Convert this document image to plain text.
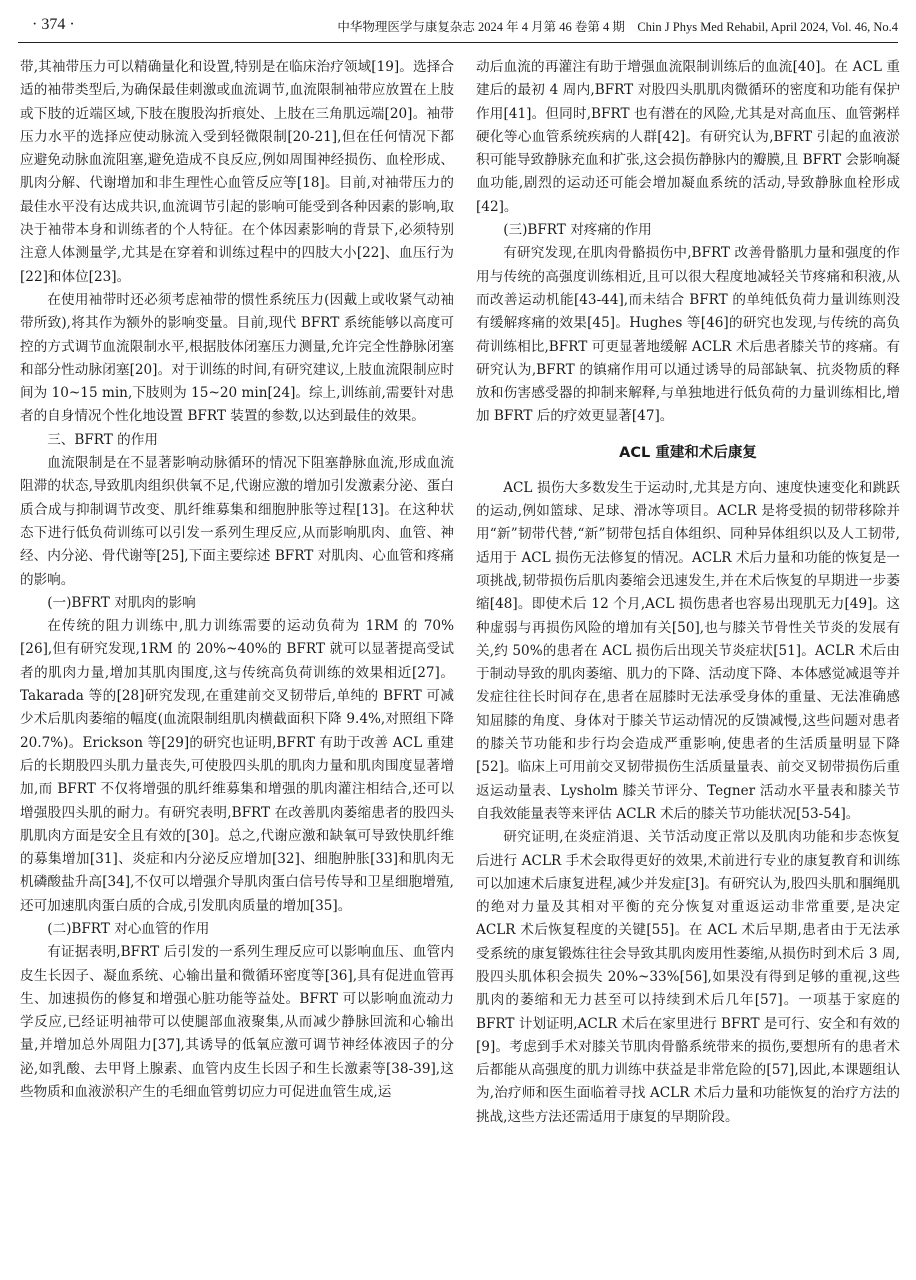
· 374 ·	中华物理医学与康复杂志 2024 年 4 月第 46 卷第 4 期　Chin J Phys Med Rehabil, April 2024, Vol. 46, No.4

带,其袖带压力可以精确量化和设置,特别是在临床治疗领域[19]。选择合适的袖带类型后,为确保最佳刺激或血流调节,血流限制袖带应放置在上肢或下肢的近端区域,下肢在腹股沟折痕处、上肢在三角肌远端[20]。袖带压力水平的选择应使动脉流入受到轻微限制[20-21],但在任何情况下都应避免动脉血流阻塞,避免造成不良反应,例如周围神经损伤、血栓形成、肌肉分解、代谢增加和非生理性心血管反应等[18]。目前,对袖带压力的最佳水平没有达成共识,血流调节引起的影响可能受到各种因素的影响,取决于袖带本身和训练者的个人特征。在个体因素影响的背景下,必须特别注意人体测量学,尤其是在穿着和训练过程中的四肢大小[22]、血压行为[22]和体位[23]。

在使用袖带时还必须考虑袖带的惯性系统压力(因戴上或收紧气动袖带所致),将其作为额外的影响变量。目前,现代 BFRT 系统能够以高度可控的方式调节血流限制水平,根据肢体闭塞压力测量,允许完全性静脉闭塞和部分性动脉闭塞[20]。对于训练的时间,有研究建议,上肢血流限制应时间为 10~15 min,下肢则为 15~20 min[24]。综上,训练前,需要针对患者的自身情况个性化地设置 BFRT 装置的参数,以达到最佳的效果。

三、BFRT 的作用

血流限制是在不显著影响动脉循环的情况下阻塞静脉血流,形成血流阻滞的状态,导致肌肉组织供氧不足,代谢应激的增加引发激素分泌、蛋白质合成与抑制调节改变、肌纤维募集和细胞肿胀等过程[13]。在这种状态下进行低负荷训练可以引发一系列生理反应,从而影响肌肉、血管、神经、内分泌、骨代谢等[25],下面主要综述 BFRT 对肌肉、心血管和疼痛的影响。

(一)BFRT 对肌肉的影响

在传统的阻力训练中,肌力训练需要的运动负荷为 1RM 的 70%[26],但有研究发现,1RM 的 20%~40%的 BFRT 就可以显著提高受试者的肌肉力量,增加其肌肉围度,这与传统高负荷训练的效果相近[27]。Takarada 等的[28]研究发现,在重建前交叉韧带后,单纯的 BFRT 可减少术后肌肉萎缩的幅度(血流限制组肌肉横截面积下降 9.4%,对照组下降 20.7%)。Erickson 等[29]的研究也证明,BFRT 有助于改善 ACL 重建后的长期股四头肌力量丧失,可使股四头肌的肌肉力量和肌肉围度显著增加,而 BFRT 不仅将增强的肌纤维募集和增强的肌肉灌注相结合,还可以增强股四头肌的耐力。有研究表明,BFRT 在改善肌肉萎缩患者的股四头肌肌肉方面是安全且有效的[30]。总之,代谢应激和缺氧可导致快肌纤维的募集增加[31]、炎症和内分泌反应增加[32]、细胞肿胀[33]和肌肉无机磷酸盐升高[34],不仅可以增强介导肌肉蛋白信号传导和卫星细胞增殖,还可加速肌肉蛋白质的合成,引发肌肉质量的增加[35]。

(二)BFRT 对心血管的作用

有证据表明,BFRT 后引发的一系列生理反应可以影响血压、血管内皮生长因子、凝血系统、心输出量和微循环密度等[36],具有促进血管再生、加速损伤的修复和增强心脏功能等益处。BFRT 可以影响血流动力学反应,已经证明袖带可以使腿部血液聚集,从而减少静脉回流和心输出量,并增加总外周阻力[37],其诱导的低氧应激可调节神经体液因子的分泌,如乳酸、去甲肾上腺素、血管内皮生长因子和生长激素等[38-39],这些物质和血液淤积产生的毛细血管剪切应力可促进血管生成,运

动后血流的再灌注有助于增强血流限制训练后的血流[40]。在 ACL 重建后的最初 4 周内,BFRT 对股四头肌肌肉微循环的密度和功能有保护作用[41]。但同时,BFRT 也有潜在的风险,尤其是对高血压、血管粥样硬化等心血管系统疾病的人群[42]。有研究认为,BFRT 引起的血液淤积可能导致静脉充血和扩张,这会损伤静脉内的瓣膜,且 BFRT 会影响凝血功能,剧烈的运动还可能会增加凝血系统的活动,导致静脉血栓形成[42]。

(三)BFRT 对疼痛的作用

有研究发现,在肌肉骨骼损伤中,BFRT 改善骨骼肌力量和强度的作用与传统的高强度训练相近,且可以很大程度地减轻关节疼痛和积液,从而改善运动机能[43-44],而未结合 BFRT 的单纯低负荷力量训练则没有缓解疼痛的效果[45]。Hughes 等[46]的研究也发现,与传统的高负荷训练相比,BFRT 可更显著地缓解 ACLR 术后患者膝关节的疼痛。有研究认为,BFRT 的镇痛作用可以通过诱导的局部缺氧、抗炎物质的释放和伤害感受器的抑制来解释,与单独地进行低负荷的力量训练相比,增加 BFRT 后的疗效更显著[47]。

ACL 重建和术后康复

ACL 损伤大多数发生于运动时,尤其是方向、速度快速变化和跳跃的运动,例如篮球、足球、滑冰等项目。ACLR 是将受损的韧带移除并用“新”韧带代替,“新”韧带包括自体组织、同种异体组织以及人工韧带,适用于 ACL 损伤无法修复的情况。ACLR 术后力量和功能的恢复是一项挑战,韧带损伤后肌肉萎缩会迅速发生,并在术后恢复的早期进一步萎缩[48]。即使术后 12 个月,ACL 损伤患者也容易出现肌无力[49]。这种虚弱与再损伤风险的增加有关[50],也与膝关节骨性关节炎的发展有关,约 50%的患者在 ACL 损伤后出现关节炎症状[51]。ACLR 术后由于制动导致的肌肉萎缩、肌力的下降、活动度下降、本体感觉减退等并发症往往长时间存在,患者在屈膝时无法承受身体的重量、无法准确感知屈膝的角度、身体对于膝关节运动情况的反馈减慢,这些问题对患者的膝关节功能和步行均会造成严重影响,使患者的生活质量明显下降[52]。临床上可用前交叉韧带损伤生活质量量表、前交叉韧带损伤后重返运动量表、Lysholm 膝关节评分、Tegner 活动水平量表和膝关节自我效能量表等来评估 ACLR 术后的膝关节功能状况[53-54]。

研究证明,在炎症消退、关节活动度正常以及肌肉功能和步态恢复后进行 ACLR 手术会取得更好的效果,术前进行专业的康复教育和训练可以加速术后康复进程,减少并发症[3]。有研究认为,股四头肌和腘绳肌的绝对力量及其相对平衡的充分恢复对重返运动非常重要,是决定 ACLR 术后恢复程度的关键[55]。在 ACL 术后早期,患者由于无法承受系统的康复锻炼往往会导致其肌肉废用性萎缩,从损伤时到术后 3 周,股四头肌体积会损失 20%~33%[56],如果没有得到足够的重视,这些肌肉的萎缩和无力甚至可以持续到术后几年[57]。一项基于家庭的 BFRT 计划证明,ACLR 术后在家里进行 BFRT 是可行、安全和有效的[9]。考虑到手术对膝关节肌肉骨骼系统带来的损伤,要想所有的患者术后都能从高强度的肌力训练中获益是非常危险的[57],因此,本课题组认为,治疗师和医生面临着寻找 ACLR 术后力量和功能恢复的治疗方法的挑战,这些方法还需适用于康复的早期阶段。
